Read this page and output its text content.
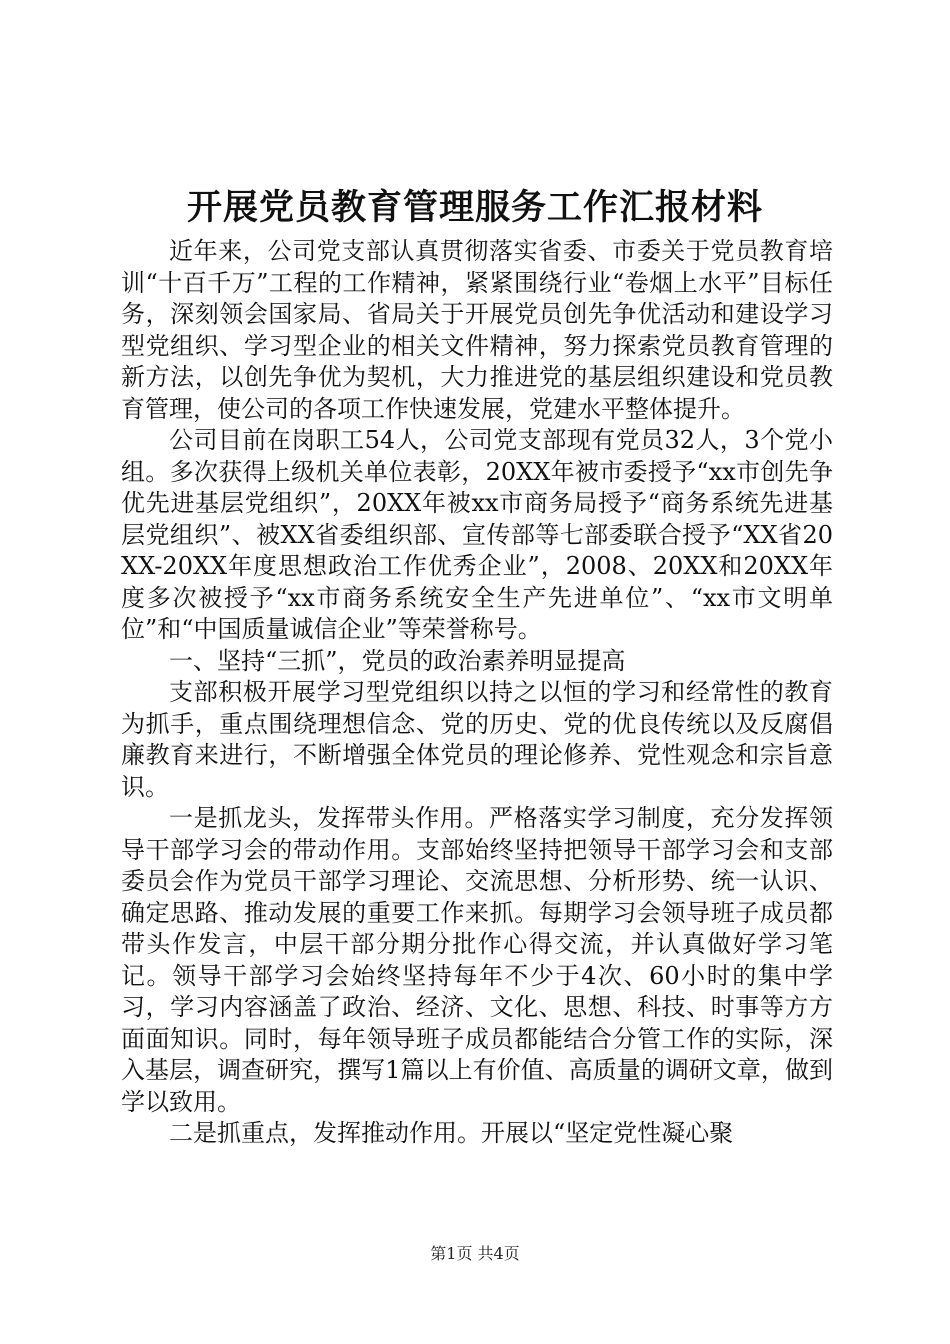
开展党员教育管理服务工作汇报材料

近年来，公司党支部认真贯彻落实省委、市委关于党员教育培训“十百千万”工程的工作精神，紧紧围绕行业“卷烟上水平”目标任务，深刻领会国家局、省局关于开展党员创先争优活动和建设学习型党组织、学习型企业的相关文件精神，努力探索党员教育管理的新方法，以创先争优为契机，大力推进党的基层组织建设和党员教育管理，使公司的各项工作快速发展，党建水平整体提升。

公司目前在岗职工54人，公司党支部现有党员32人，3个党小组。多次获得上级机关单位表彰，20XX年被市委授予“xx市创先争优先进基层党组织”，20XX年被xx市商务局授予“商务系统先进基层党组织”、被XX省委组织部、宣传部等七部委联合授予“XX省20XX-20XX年度思想政治工作优秀企业”，2008、20XX和20XX年度多次被授予“xx市商务系统安全生产先进单位”、“xx市文明单位”和“中国质量诚信企业”等荣誉称号。

一、坚持“三抓”，党员的政治素养明显提高

支部积极开展学习型党组织以持之以恒的学习和经常性的教育为抓手，重点围绕理想信念、党的历史、党的优良传统以及反腐倡廉教育来进行，不断增强全体党员的理论修养、党性观念和宗旨意识。

一是抓龙头，发挥带头作用。严格落实学习制度，充分发挥领导干部学习会的带动作用。支部始终坚持把领导干部学习会和支部委员会作为党员干部学习理论、交流思想、分析形势、统一认识、确定思路、推动发展的重要工作来抓。每期学习会领导班子成员都带头作发言，中层干部分期分批作心得交流，并认真做好学习笔记。领导干部学习会始终坚持每年不少于4次、60小时的集中学习，学习内容涵盖了政治、经济、文化、思想、科技、时事等方方面面知识。同时，每年领导班子成员都能结合分管工作的实际，深入基层，调查研究，撰写1篇以上有价值、高质量的调研文章，做到学以致用。

二是抓重点，发挥推动作用。开展以“坚定党性凝心聚

第1页 共4页
